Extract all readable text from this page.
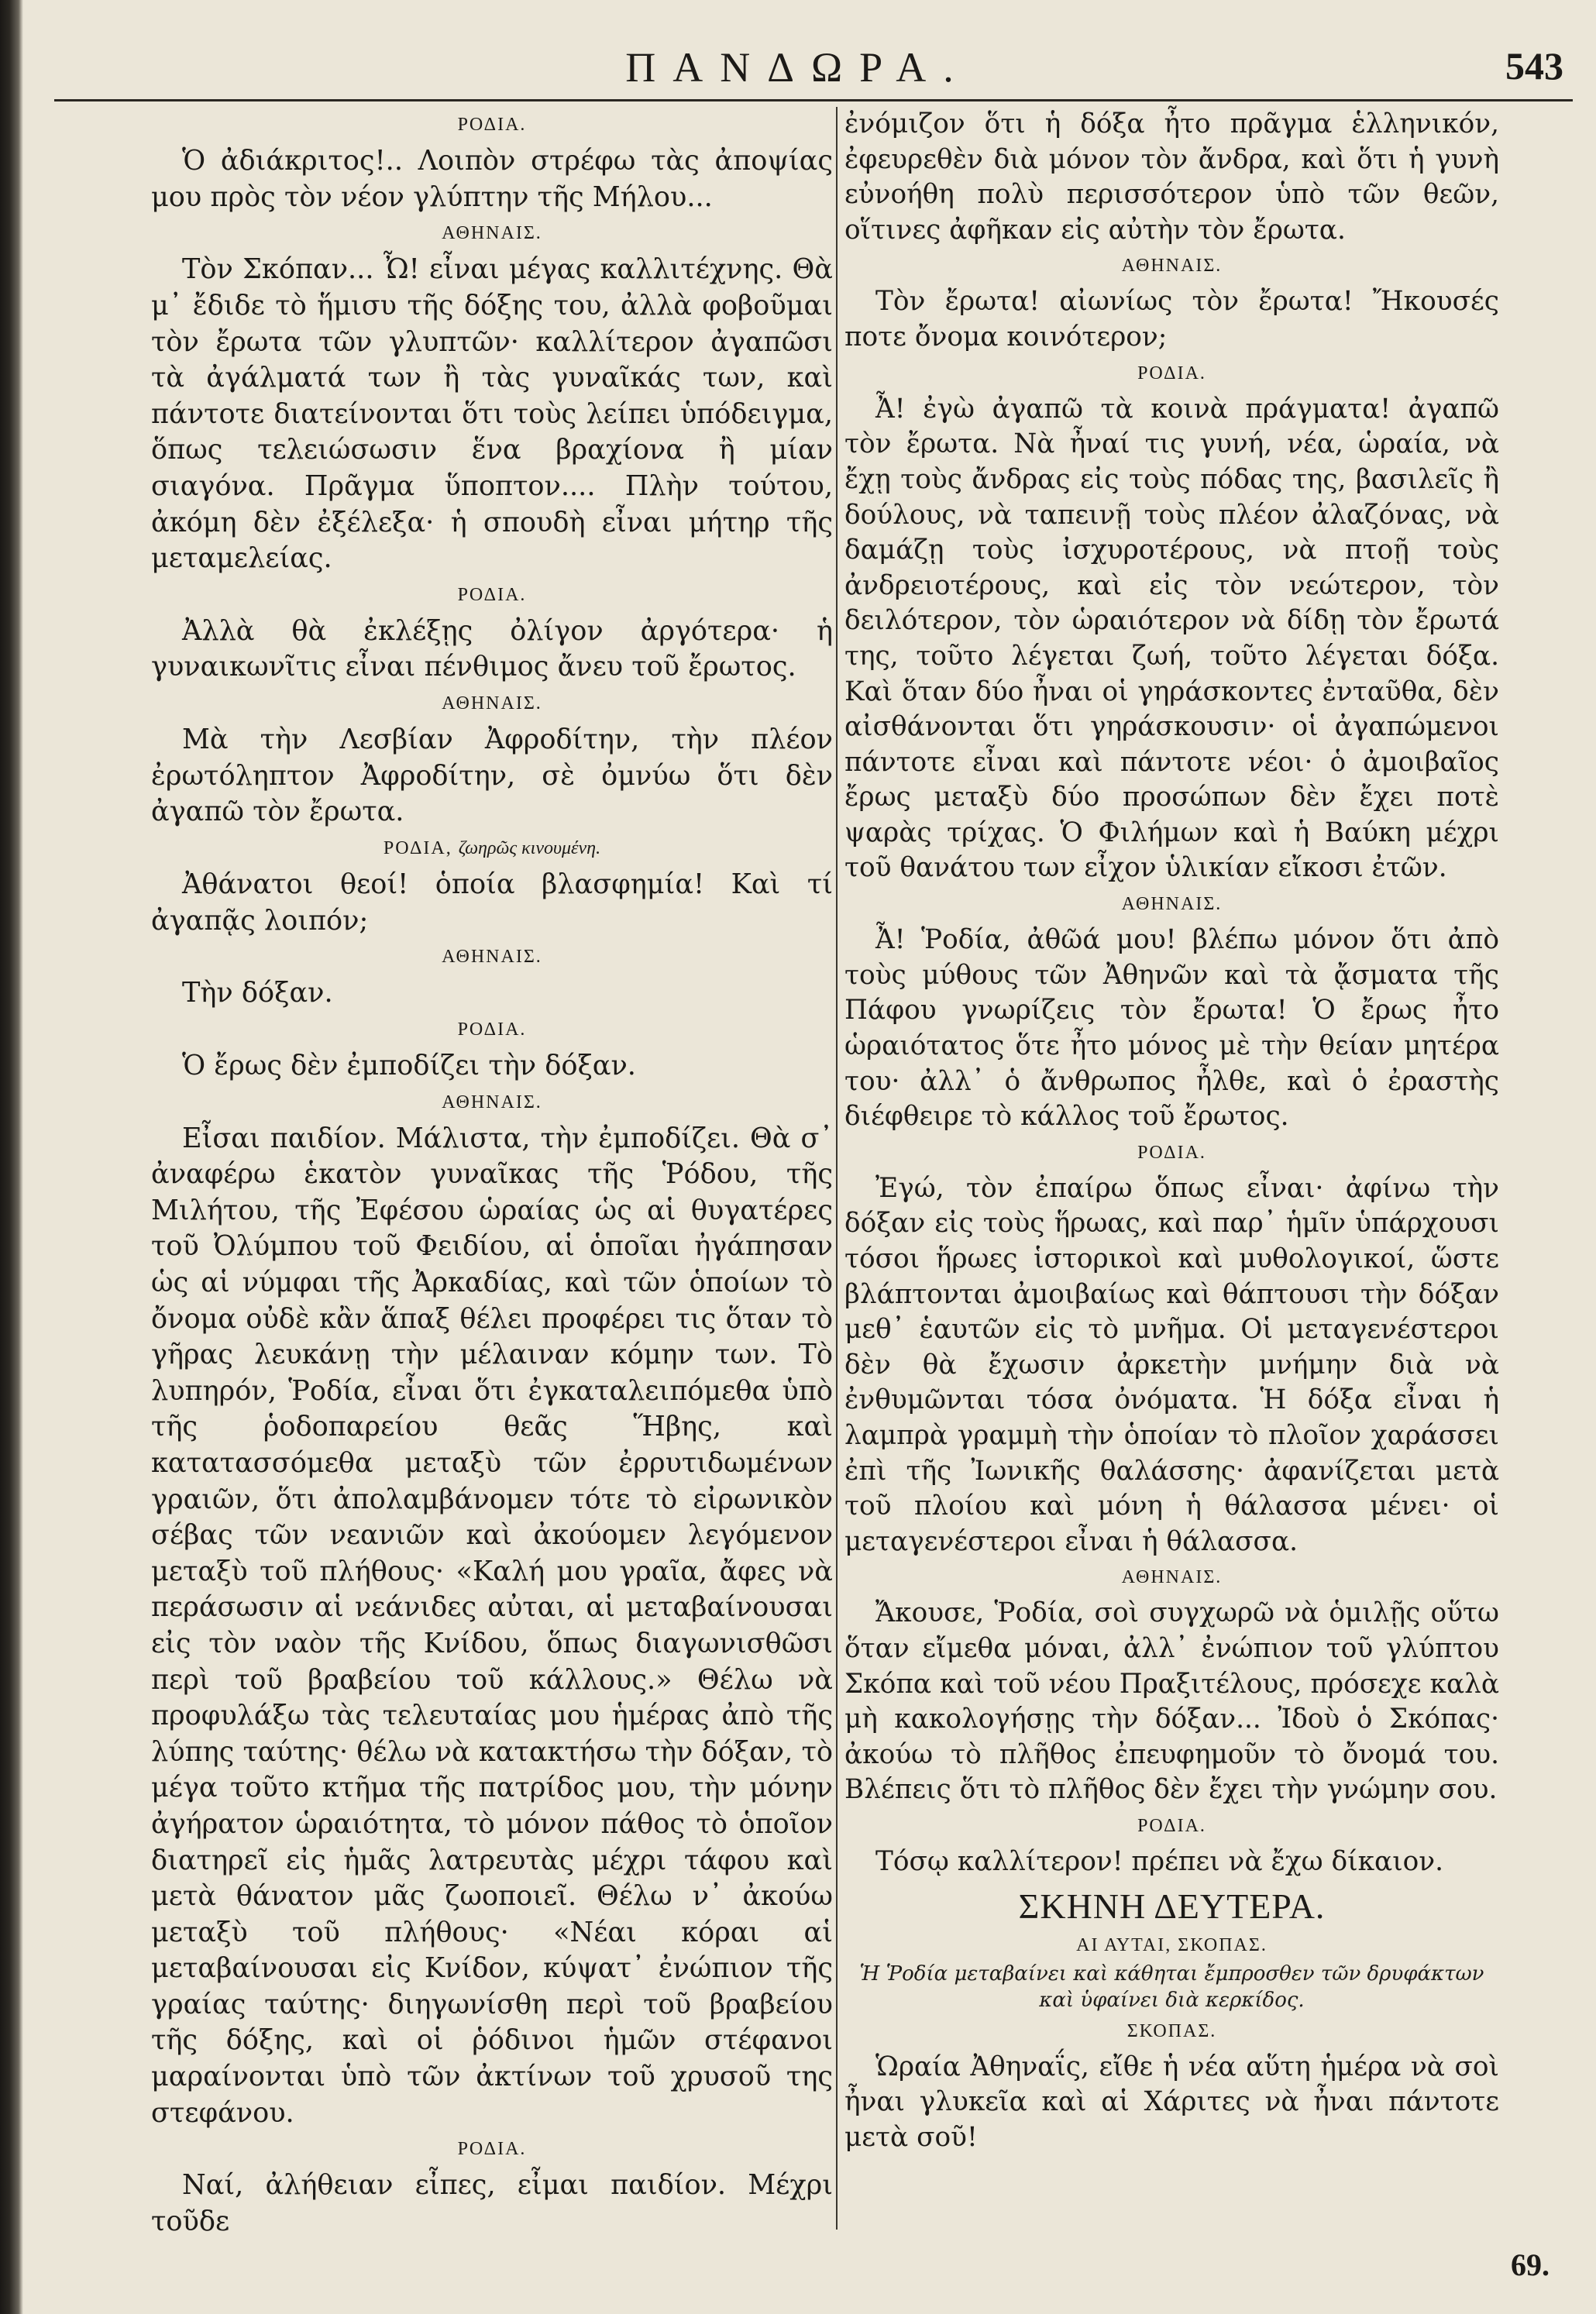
ΠΑΝΔΩΡΑ.	543
ΡΟΔΙΑ.

Ὁ ἀδιάκριτος!.. Λοιπὸν στρέφω τὰς ἀποψίας μου πρὸς τὸν νέον γλύπτην τῆς Μήλου...

ΑΘΗΝΑΙΣ.

Τὸν Σκόπαν... Ὦ! εἶναι μέγας καλλιτέχνης. Θὰ μ᾽ ἔδιδε τὸ ἥμισυ τῆς δόξης του, ἀλλὰ φοβοῦμαι τὸν ἔρωτα τῶν γλυπτῶν· καλλίτερον ἀγαπῶσι τὰ ἀγάλματά των ἢ τὰς γυναῖκάς των, καὶ πάντοτε διατείνονται ὅτι τοὺς λείπει ὑπόδειγμα, ὅπως τελειώσωσιν ἕνα βραχίονα ἢ μίαν σιαγόνα. Πρᾶγμα ὕποπτον.... Πλὴν τούτου, ἀκόμη δὲν ἐξέλεξα· ἡ σπουδὴ εἶναι μήτηρ τῆς μεταμελείας.

ΡΟΔΙΑ.

Ἀλλὰ θὰ ἐκλέξῃς ὀλίγον ἀργότερα· ἡ γυναικωνῖτις εἶναι πένθιμος ἄνευ τοῦ ἔρωτος.

ΑΘΗΝΑΙΣ.

Μὰ τὴν Λεσβίαν Ἀφροδίτην, τὴν πλέον ἐρωτόληπτον Ἀφροδίτην, σὲ ὀμνύω ὅτι δὲν ἀγαπῶ τὸν ἔρωτα.

ΡΟΔΙΑ, ζωηρῶς κινουμένη.

Ἀθάνατοι θεοί! ὁποία βλασφημία! Καὶ τί ἀγαπᾷς λοιπόν;

ΑΘΗΝΑΙΣ.

Τὴν δόξαν.

ΡΟΔΙΑ.

Ὁ ἔρως δὲν ἐμποδίζει τὴν δόξαν.

ΑΘΗΝΑΙΣ.

Εἶσαι παιδίον. Μάλιστα, τὴν ἐμποδίζει. Θὰ σ᾽ ἀναφέρω ἑκατὸν γυναῖκας τῆς Ῥόδου, τῆς Μιλήτου, τῆς Ἐφέσου ὡραίας ὡς αἱ θυγατέρες τοῦ Ὀλύμπου τοῦ Φειδίου, αἱ ὁποῖαι ἠγάπησαν ὡς αἱ νύμφαι τῆς Ἀρκαδίας, καὶ τῶν ὁποίων τὸ ὄνομα οὐδὲ κἂν ἅπαξ θέλει προφέρει τις ὅταν τὸ γῆρας λευκάνῃ τὴν μέλαιναν κόμην των. Τὸ λυπηρόν, Ῥοδία, εἶναι ὅτι ἐγκαταλειπόμεθα ὑπὸ τῆς ῥοδοπαρείου θεᾶς Ἥβης, καὶ κατατασσόμεθα μεταξὺ τῶν ἐρρυτιδωμένων γραιῶν, ὅτι ἀπολαμβάνομεν τότε τὸ εἰρωνικὸν σέβας τῶν νεανιῶν καὶ ἀκούομεν λεγόμενον μεταξὺ τοῦ πλήθους· «Καλή μου γραῖα, ἄφες νὰ περάσωσιν αἱ νεάνιδες αὐται, αἱ μεταβαίνουσαι εἰς τὸν ναὸν τῆς Κνίδου, ὅπως διαγωνισθῶσι περὶ τοῦ βραβείου τοῦ κάλλους.» Θέλω νὰ προφυλάξω τὰς τελευταίας μου ἡμέρας ἀπὸ τῆς λύπης ταύτης· θέλω νὰ κατακτήσω τὴν δόξαν, τὸ μέγα τοῦτο κτῆμα τῆς πατρίδος μου, τὴν μόνην ἀγήρατον ὡραιότητα, τὸ μόνον πάθος τὸ ὁποῖον διατηρεῖ εἰς ἡμᾶς λατρευτὰς μέχρι τάφου καὶ μετὰ θάνατον μᾶς ζωοποιεῖ. Θέλω ν᾽ ἀκούω μεταξὺ τοῦ πλήθους· «Νέαι κόραι αἱ μεταβαίνουσαι εἰς Κνίδον, κύψατ᾽ ἐνώπιον τῆς γραίας ταύτης· διηγωνίσθη περὶ τοῦ βραβείου τῆς δόξης, καὶ οἱ ῥόδινοι ἡμῶν στέφανοι μαραίνονται ὑπὸ τῶν ἀκτίνων τοῦ χρυσοῦ της στεφάνου.

ΡΟΔΙΑ.

Ναί, ἀλήθειαν εἶπες, εἶμαι παιδίον. Μέχρι τοῦδε

ἐνόμιζον ὅτι ἡ δόξα ἦτο πρᾶγμα ἑλληνικόν, ἐφευρεθὲν διὰ μόνον τὸν ἄνδρα, καὶ ὅτι ἡ γυνὴ εὐνοήθη πολὺ περισσότερον ὑπὸ τῶν θεῶν, οἵτινες ἀφῆκαν εἰς αὐτὴν τὸν ἔρωτα.

ΑΘΗΝΑΙΣ.

Τὸν ἔρωτα! αἰωνίως τὸν ἔρωτα! Ἤκουσές ποτε ὄνομα κοινότερον;

ΡΟΔΙΑ.

Ἆ! ἐγὼ ἀγαπῶ τὰ κοινὰ πράγματα! ἀγαπῶ τὸν ἔρωτα. Νὰ ἦναί τις γυνή, νέα, ὡραία, νὰ ἔχῃ τοὺς ἄνδρας εἰς τοὺς πόδας της, βασιλεῖς ἢ δούλους, νὰ ταπεινῇ τοὺς πλέον ἀλαζόνας, νὰ δαμάζῃ τοὺς ἰσχυροτέρους, νὰ πτοῇ τοὺς ἀνδρειοτέρους, καὶ εἰς τὸν νεώτερον, τὸν δειλότερον, τὸν ὡραιότερον νὰ δίδῃ τὸν ἔρωτά της, τοῦτο λέγεται ζωή, τοῦτο λέγεται δόξα. Καὶ ὅταν δύο ἦναι οἱ γηράσκοντες ἐνταῦθα, δὲν αἰσθάνονται ὅτι γηράσκουσιν· οἱ ἀγαπώμενοι πάντοτε εἶναι καὶ πάντοτε νέοι· ὁ ἀμοιβαῖος ἔρως μεταξὺ δύο προσώπων δὲν ἔχει ποτὲ ψαρὰς τρίχας. Ὁ Φιλήμων καὶ ἡ Βαύκη μέχρι τοῦ θανάτου των εἶχον ὑλικίαν εἴκοσι ἐτῶν.

ΑΘΗΝΑΙΣ.

Ἆ! Ῥοδία, ἀθῶά μου! βλέπω μόνον ὅτι ἀπὸ τοὺς μύθους τῶν Ἀθηνῶν καὶ τὰ ᾄσματα τῆς Πάφου γνωρίζεις τὸν ἔρωτα! Ὁ ἔρως ἦτο ὡραιότατος ὅτε ἦτο μόνος μὲ τὴν θείαν μητέρα του· ἀλλ᾽ ὁ ἄνθρωπος ἦλθε, καὶ ὁ ἐραστὴς διέφθειρε τὸ κάλλος τοῦ ἔρωτος.

ΡΟΔΙΑ.

Ἐγώ, τὸν ἐπαίρω ὅπως εἶναι· ἀφίνω τὴν δόξαν εἰς τοὺς ἥρωας, καὶ παρ᾽ ἡμῖν ὑπάρχουσι τόσοι ἥρωες ἱστορικοὶ καὶ μυθολογικοί, ὥστε βλάπτονται ἀμοιβαίως καὶ θάπτουσι τὴν δόξαν μεθ᾽ ἑαυτῶν εἰς τὸ μνῆμα. Οἱ μεταγενέστεροι δὲν θὰ ἔχωσιν ἀρκετὴν μνήμην διὰ νὰ ἐνθυμῶνται τόσα ὀνόματα. Ἡ δόξα εἶναι ἡ λαμπρὰ γραμμὴ τὴν ὁποίαν τὸ πλοῖον χαράσσει ἐπὶ τῆς Ἰωνικῆς θαλάσσης· ἀφανίζεται μετὰ τοῦ πλοίου καὶ μόνη ἡ θάλασσα μένει· οἱ μεταγενέστεροι εἶναι ἡ θάλασσα.

ΑΘΗΝΑΙΣ.

Ἄκουσε, Ῥοδία, σοὶ συγχωρῶ νὰ ὁμιλῇς οὕτω ὅταν εἴμεθα μόναι, ἀλλ᾽ ἐνώπιον τοῦ γλύπτου Σκόπα καὶ τοῦ νέου Πραξιτέλους, πρόσεχε καλὰ μὴ κακολογήσῃς τὴν δόξαν... Ἰδοὺ ὁ Σκόπας· ἀκούω τὸ πλῆθος ἐπευφημοῦν τὸ ὄνομά του. Βλέπεις ὅτι τὸ πλῆθος δὲν ἔχει τὴν γνώμην σου.

ΡΟΔΙΑ.

Τόσῳ καλλίτερον! πρέπει νὰ ἔχω δίκαιον.

ΣΚΗΝΗ ΔΕΥΤΕΡΑ.
ΑΙ ΑΥΤΑΙ, ΣΚΟΠΑΣ.
Ἡ Ῥοδία μεταβαίνει καὶ κάθηται ἔμπροσθεν τῶν δρυφάκτων καὶ ὑφαίνει διὰ κερκίδος.
ΣΚΟΠΑΣ.

Ὡραία Ἀθηναΐς, εἴθε ἡ νέα αὕτη ἡμέρα νὰ σοὶ ἦναι γλυκεῖα καὶ αἱ Χάριτες νὰ ἦναι πάντοτε μετὰ σοῦ!

69.
